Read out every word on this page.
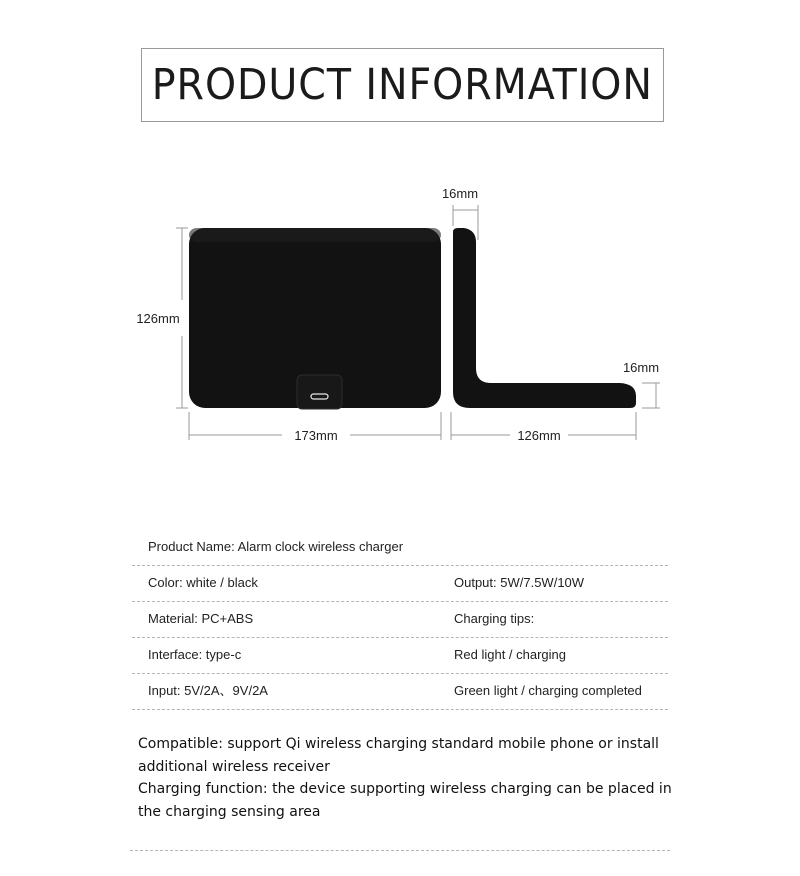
PRODUCT INFORMATION
126mm
173mm
16mm
16mm
126mm
Product Name: Alarm clock wireless charger
Color: white / black	Output: 5W/7.5W/10W
Material: PC+ABS	Charging tips:
Interface: type-c	Red light / charging
Input: 5V/2A、9V/2A	Green light / charging completed

Compatible: support Qi wireless charging standard mobile phone or install additional wireless receiver

Charging function: the device supporting wireless charging can be placed in the charging sensing area
